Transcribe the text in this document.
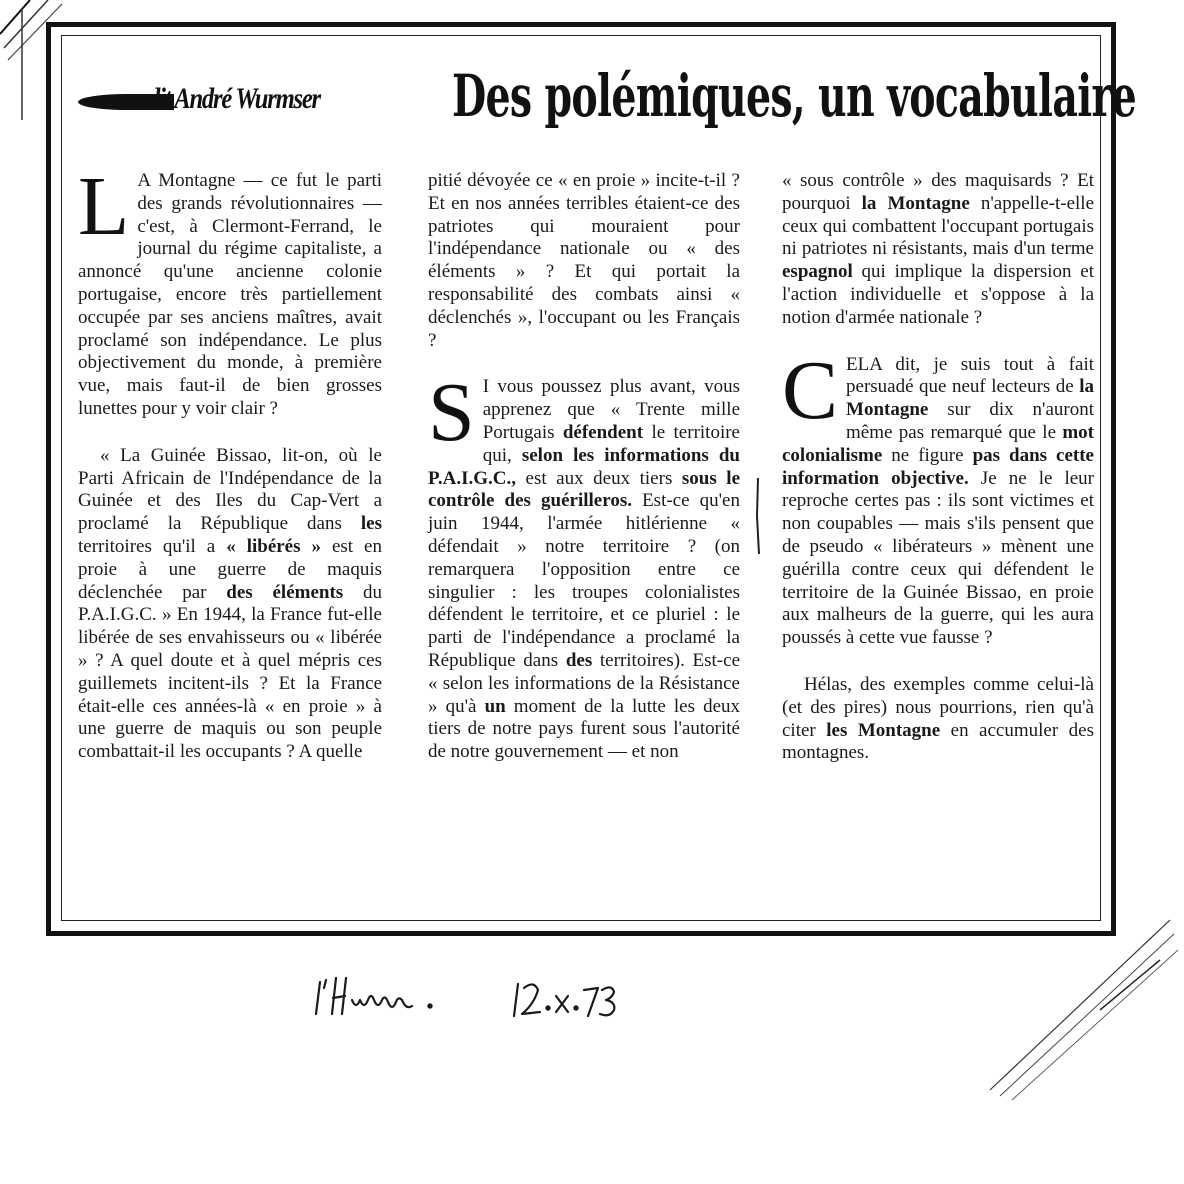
dit André Wurmser Des polémiques, un vocabulaire

L A Montagne — ce fut le parti des grands révolutionnaires — c'est, à Clermont-Ferrand, le journal du régime capitaliste, a annoncé qu'une ancienne colonie portugaise, encore très partiellement occupée par ses anciens maîtres, avait proclamé son indépendance. Le plus objectivement du monde, à première vue, mais faut-il de bien grosses lunettes pour y voir clair ?

« La Guinée Bissao, lit-on, où le Parti Africain de l'Indépendance de la Guinée et des Iles du Cap-Vert a proclamé la République dans les territoires qu'il a « libérés » est en proie à une guerre de maquis déclenchée par des éléments du P.A.I.G.C. » En 1944, la France fut-elle libérée de ses envahisseurs ou « libérée » ? A quel doute et à quel mépris ces guillemets incitent-ils ? Et la France était-elle ces années-là « en proie » à une guerre de maquis ou son peuple combattait-il les occupants ? A quelle

pitié dévoyée ce « en proie » incite-t-il ? Et en nos années terribles étaient-ce des patriotes qui mouraient pour l'indépendance nationale ou « des éléments » ? Et qui portait la responsabilité des combats ainsi « déclenchés », l'occupant ou les Français ?

S I vous poussez plus avant, vous apprenez que « Trente mille Portugais défendent le territoire qui, selon les informations du P.A.I.G.C., est aux deux tiers sous le contrôle des guérilleros. Est-ce qu'en juin 1944, l'armée hitlérienne « défendait » notre territoire ? (on remarquera l'opposition entre ce singulier : les troupes colonialistes défendent le territoire, et ce pluriel : le parti de l'indépendance a proclamé la République dans des territoires). Est-ce « selon les informations de la Résistance » qu'à un moment de la lutte les deux tiers de notre pays furent sous l'autorité de notre gouvernement — et non

« sous contrôle » des maquisards ? Et pourquoi la Montagne n'appelle-t-elle ceux qui combattent l'occupant portugais ni patriotes ni résistants, mais d'un terme espagnol qui implique la dispersion et l'action individuelle et s'oppose à la notion d'armée nationale ?

CELA dit, je suis tout à fait persuadé que neuf lecteurs de la Montagne sur dix n'auront même pas remarqué que le mot colonialisme ne figure pas dans cette information objective. Je ne le leur reproche certes pas : ils sont victimes et non coupables — mais s'ils pensent que de pseudo « libérateurs » mènent une guérilla contre ceux qui défendent le territoire de la Guinée Bissao, en proie aux malheurs de la guerre, qui les aura poussés à cette vue fausse ?

Hélas, des exemples comme celui-là (et des pires) nous pourrions, rien qu'à citer les Montagne en accumuler des montagnes.
